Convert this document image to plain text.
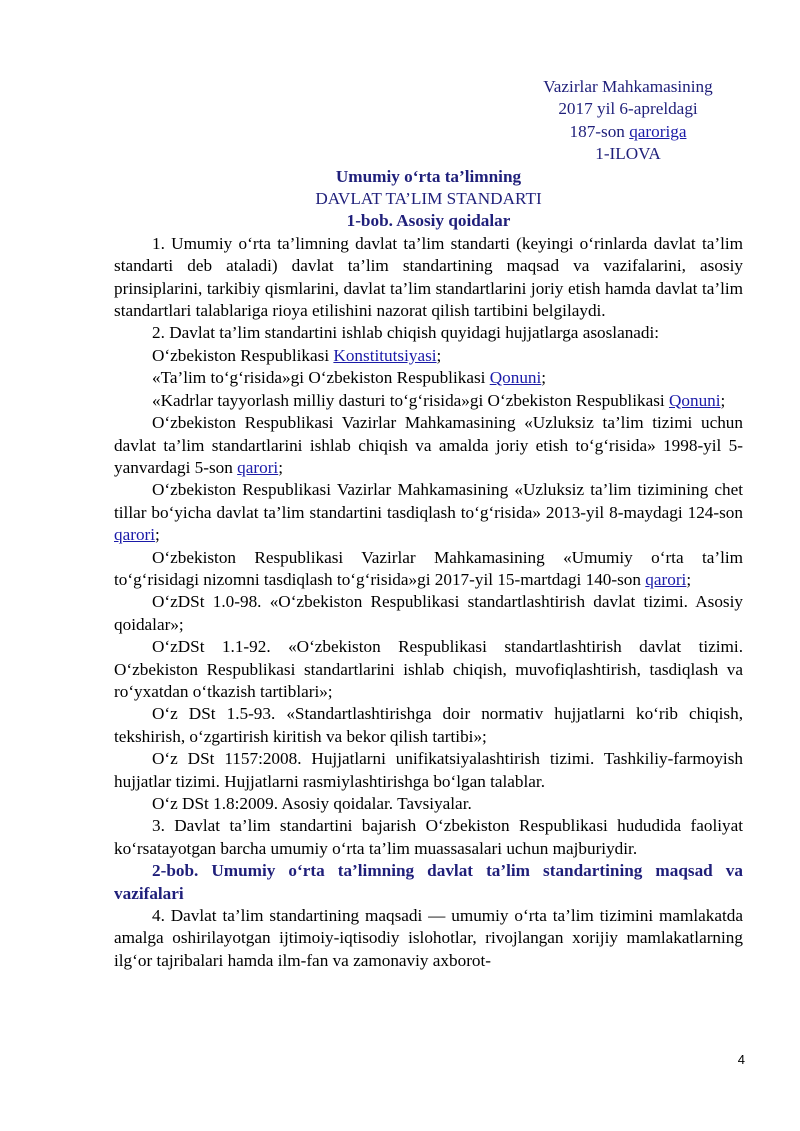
Vazirlar Mahkamasining
2017 yil 6-apreldagi
187-son qaroriga
1-ILOVA
Umumiy o‘rta ta’limning
DAVLAT TA’LIM STANDARTI
1-bob. Asosiy qoidalar

1. Umumiy o‘rta ta’limning davlat ta’lim standarti (keyingi o‘rinlarda davlat ta’lim standarti deb ataladi) davlat ta’lim standartining maqsad va vazifalarini, asosiy prinsiplarini, tarkibiy qismlarini, davlat ta’lim standartlarini joriy etish hamda davlat ta’lim standartlari talablariga rioya etilishini nazorat qilish tartibini belgilaydi.

2. Davlat ta’lim standartini ishlab chiqish quyidagi hujjatlarga asoslanadi:

O‘zbekiston Respublikasi Konstitutsiyasi;

«Ta’lim to‘g‘risida»gi O‘zbekiston Respublikasi Qonuni;

«Kadrlar tayyorlash milliy dasturi to‘g‘risida»gi O‘zbekiston Respublikasi Qonuni;

O‘zbekiston Respublikasi Vazirlar Mahkamasining «Uzluksiz ta’lim tizimi uchun davlat ta’lim standartlarini ishlab chiqish va amalda joriy etish to‘g‘risida» 1998-yil 5-yanvardagi 5-son qarori;

O‘zbekiston Respublikasi Vazirlar Mahkamasining «Uzluksiz ta’lim tizimining chet tillar bo‘yicha davlat ta’lim standartini tasdiqlash to‘g‘risida» 2013-yil 8-maydagi 124-son qarori;

O‘zbekiston Respublikasi Vazirlar Mahkamasining «Umumiy o‘rta ta’lim to‘g‘risidagi nizomni tasdiqlash to‘g‘risida»gi 2017-yil 15-martdagi 140-son qarori;

O‘zDSt 1.0-98. «O‘zbekiston Respublikasi standartlashtirish davlat tizimi. Asosiy qoidalar»;

O‘zDSt 1.1-92. «O‘zbekiston Respublikasi standartlashtirish davlat tizimi. O‘zbekiston Respublikasi standartlarini ishlab chiqish, muvofiqlashtirish, tasdiqlash va ro‘yxatdan o‘tkazish tartiblari»;

O‘z DSt 1.5-93. «Standartlashtirishga doir normativ hujjatlarni ko‘rib chiqish, tekshirish, o‘zgartirish kiritish va bekor qilish tartibi»;

O‘z DSt 1157:2008. Hujjatlarni unifikatsiyalashtirish tizimi. Tashkiliy-farmoyish hujjatlar tizimi. Hujjatlarni rasmiylashtirishga bo‘lgan talablar.

O‘z DSt 1.8:2009. Asosiy qoidalar. Tavsiyalar.

3. Davlat ta’lim standartini bajarish O‘zbekiston Respublikasi hududida faoliyat ko‘rsatayotgan barcha umumiy o‘rta ta’lim muassasalari uchun majburiydir.

2-bob. Umumiy o‘rta ta’limning davlat ta’lim standartining maqsad va vazifalari

4. Davlat ta’lim standartining maqsadi — umumiy o‘rta ta’lim tizimini mamlakatda amalga oshirilayotgan ijtimoiy-iqtisodiy islohotlar, rivojlangan xorijiy mamlakatlarning ilg‘or tajribalari hamda ilm-fan va zamonaviy axborot-

4
